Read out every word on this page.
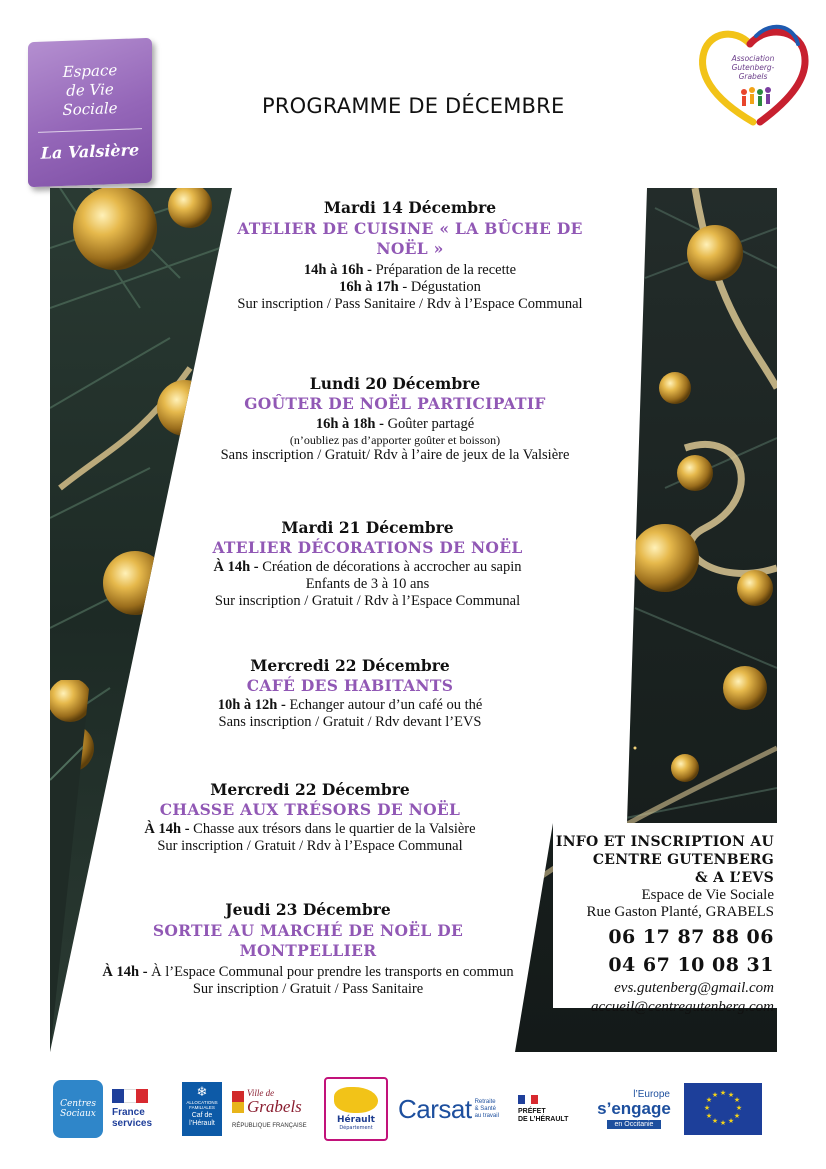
Espace
de Vie
Sociale
La Valsière
Association
Gutenberg-Grabels
PROGRAMME DE DÉCEMBRE
Mardi 14 Décembre
ATELIER DE CUISINE « LA BÛCHE DE
NOËL »
14h à 16h - Préparation de la recette
16h à 17h - Dégustation
Sur inscription / Pass Sanitaire / Rdv à l’Espace Communal
Lundi 20 Décembre
GOÛTER DE NOËL PARTICIPATIF
16h à 18h - Goûter partagé
(n’oubliez pas d’apporter goûter et boisson)
Sans inscription / Gratuit/ Rdv à l’aire de jeux de la Valsière
Mardi 21 Décembre
ATELIER DÉCORATIONS DE NOËL
À 14h - Création de décorations à accrocher au sapin
Enfants de 3 à 10 ans
Sur inscription / Gratuit / Rdv à l’Espace Communal
Mercredi 22 Décembre
CAFÉ DES HABITANTS
10h à 12h - Echanger autour d’un café ou thé
Sans inscription / Gratuit / Rdv devant l’EVS
Mercredi 22 Décembre
CHASSE AUX TRÉSORS DE NOËL
À 14h - Chasse aux trésors dans le quartier de la Valsière
Sur inscription / Gratuit / Rdv à l’Espace Communal
Jeudi 23 Décembre
SORTIE AU MARCHÉ DE NOËL DE
MONTPELLIER
À 14h - À l’Espace Communal pour prendre les transports en commun
Sur inscription / Gratuit / Pass Sanitaire
INFO ET INSCRIPTION AU
CENTRE GUTENBERG
& A L’EVS
Espace de Vie Sociale
Rue Gaston Planté, GRABELS
06 17 87 88 06
04 67 10 08 31
evs.gutenberg@gmail.com
accueil@centregutenberg.com
Centres Sociaux	France services
❄
ALLOCATIONS FAMILIALES
Caf de l’Hérault
Ville de
Grabels
RÉPUBLIQUE FRANÇAISE
Hérault
Département
Carsat Retraite
& Santé
au travail
PRÉFET
DE L’HÉRAULT
l’Europe
s’engage
en Occitanie
★ ★
★
★
★
★
★
★
★
★
★
★
